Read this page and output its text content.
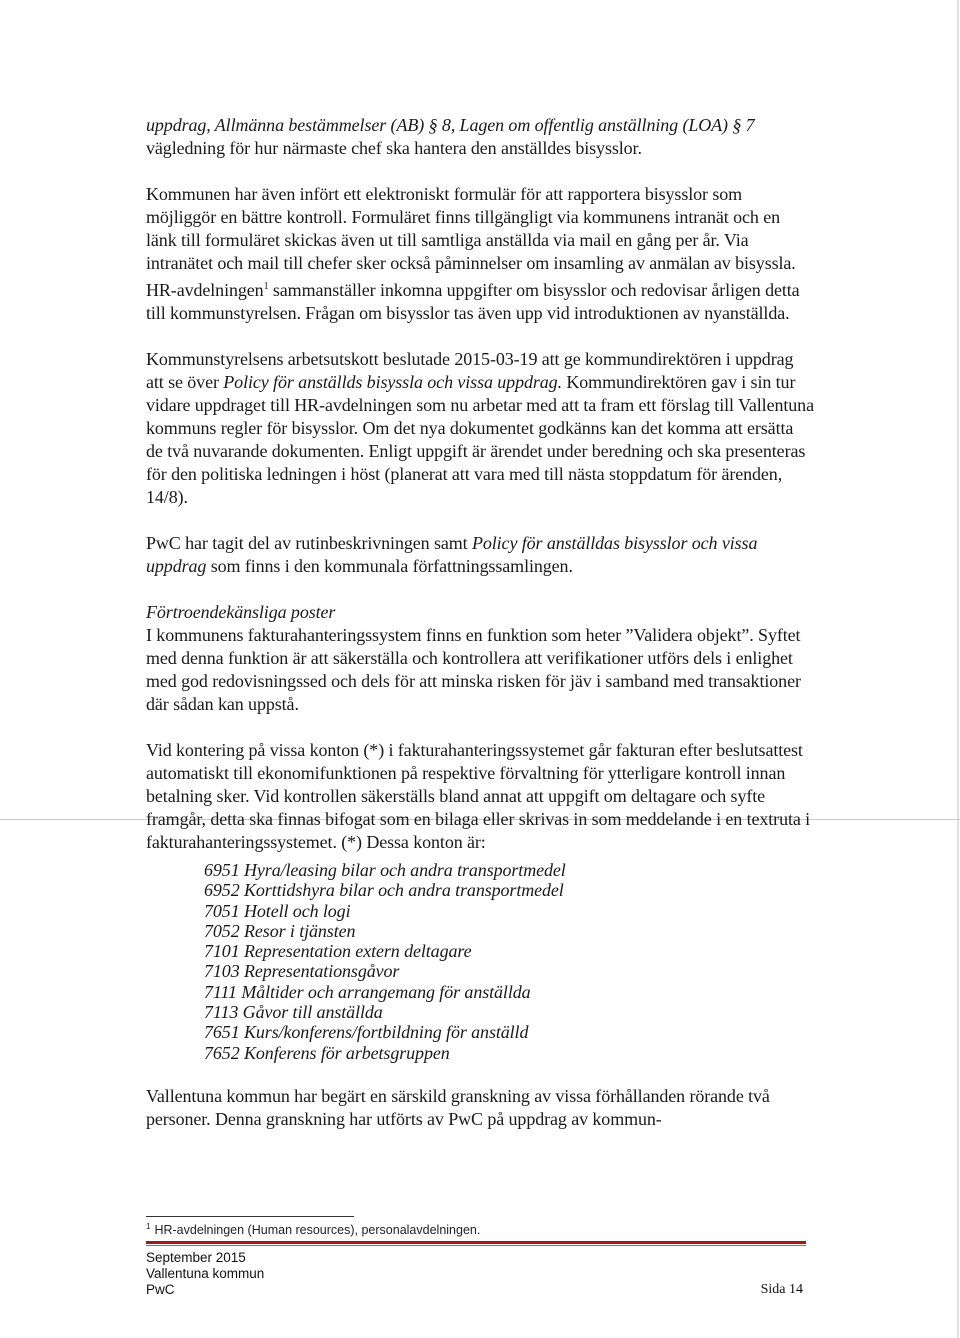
uppdrag, Allmänna bestämmelser (AB) § 8, Lagen om offentlig anställning (LOA) § 7 vägledning för hur närmaste chef ska hantera den anställdes bisysslor.

Kommunen har även infört ett elektroniskt formulär för att rapportera bisysslor som möjliggör en bättre kontroll. Formuläret finns tillgängligt via kommunens intranät och en länk till formuläret skickas även ut till samtliga anställda via mail en gång per år. Via intranätet och mail till chefer sker också påminnelser om insamling av anmälan av bisyssla. HR-avdelningen$^1$ sammanställer inkomna uppgifter om bisysslor och redovisar årligen detta till kommunstyrelsen. Frågan om bisysslor tas även upp vid introduktionen av nyanställda.

Kommunstyrelsens arbetsutskott beslutade 2015-03-19 att ge kommundirektören i uppdrag att se över Policy för anställds bisyssla och vissa uppdrag. Kommundirektören gav i sin tur vidare uppdraget till HR-avdelningen som nu arbetar med att ta fram ett förslag till Vallentuna kommuns regler för bisysslor. Om det nya dokumentet godkänns kan det komma att ersätta de två nuvarande dokumenten. Enligt uppgift är ärendet under beredning och ska presenteras för den politiska ledningen i höst (planerat att vara med till nästa stoppdatum för ärenden, 14/8).

PwC har tagit del av rutinbeskrivningen samt Policy för anställdas bisysslor och vissa uppdrag som finns i den kommunala författningssamlingen.

Förtroendekänsliga poster

I kommunens fakturahanteringssystem finns en funktion som heter ”Validera objekt”. Syftet med denna funktion är att säkerställa och kontrollera att verifikationer utförs dels i enlighet med god redovisningssed och dels för att minska risken för jäv i samband med transaktioner där sådan kan uppstå.

Vid kontering på vissa konton (*) i fakturahanteringssystemet går fakturan efter beslutsattest automatiskt till ekonomifunktionen på respektive förvaltning för ytterligare kontroll innan betalning sker. Vid kontrollen säkerställs bland annat att uppgift om deltagare och syfte framgår, detta ska finnas bifogat som en bilaga eller skrivas in som meddelande i en textruta i fakturahanteringssystemet. (*) Dessa konton är:

6951 Hyra/leasing bilar och andra transportmedel
6952 Korttidshyra bilar och andra transportmedel
7051 Hotell och logi
7052 Resor i tjänsten
7101 Representation extern deltagare
7103 Representationsgåvor
7111 Måltider och arrangemang för anställda
7113 Gåvor till anställda
7651 Kurs/konferens/fortbildning för anställd
7652 Konferens för arbetsgruppen

Vallentuna kommun har begärt en särskild granskning av vissa förhållanden rörande två personer. Denna granskning har utförts av PwC på uppdrag av kommun-

$^1$ HR-avdelningen (Human resources), personalavdelningen.
September 2015
Vallentuna kommun
PwC	Sida 14
